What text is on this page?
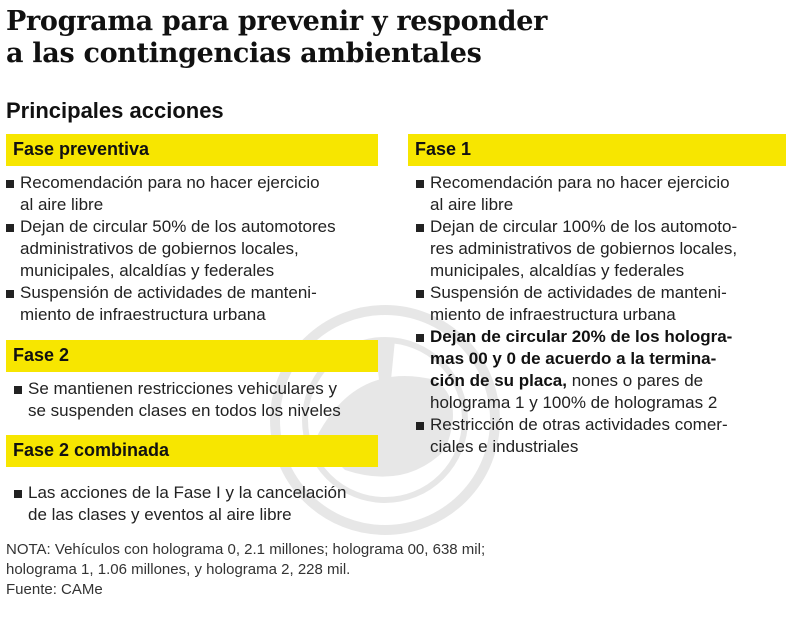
Programa para prevenir y responder
a las contingencias ambientales
Principales acciones
Fase preventiva
Recomendación para no hacer ejercicio
al aire libre
Dejan de circular 50% de los automotores
administrativos de gobiernos locales,
municipales, alcaldías y federales
Suspensión de actividades de manteni-
miento de infraestructura urbana
Fase 2
Se mantienen restricciones vehiculares y
se suspenden clases en todos los niveles
Fase 2 combinada
Las acciones de la Fase I y la cancelación
de las clases y eventos al aire libre
Fase 1
Recomendación para no hacer ejercicio
al aire libre
Dejan de circular 100% de los automoto-
res administrativos de gobiernos locales,
municipales, alcaldías y federales
Suspensión de actividades de manteni-
miento de infraestructura urbana
Dejan de circular 20% de los hologra-
mas 00 y 0 de acuerdo a la termina-
ción de su placa, nones o pares de
holograma 1 y 100% de hologramas 2
Restricción de otras actividades comer-
ciales e industriales
NOTA: Vehículos con holograma 0, 2.1 millones; holograma 00, 638 mil;
holograma 1, 1.06 millones, y holograma 2, 228 mil.
Fuente: CAMe
